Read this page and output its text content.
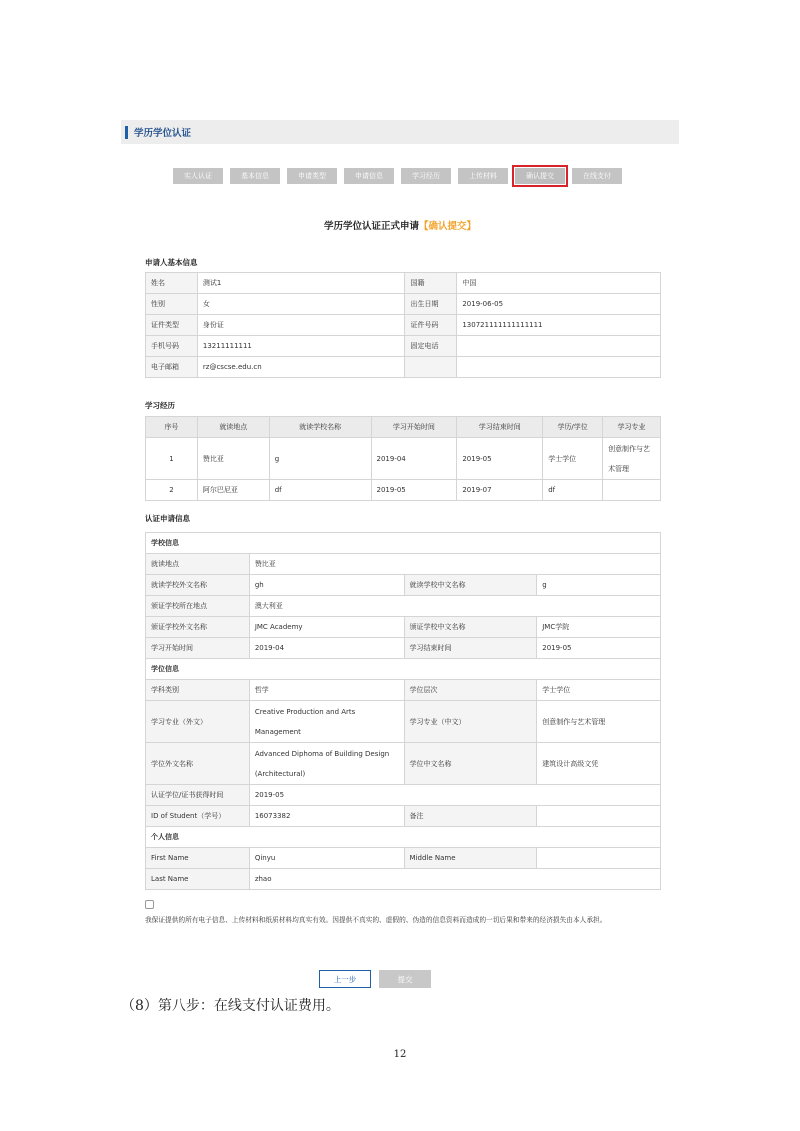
学历学位认证
实人认证	基本信息	申请类型	申请信息	学习经历	上传材料	确认提交	在线支付
学历学位认证正式申请【确认提交】
申请人基本信息
姓名	测试1	国籍	中国
性别	女	出生日期	2019-06-05
证件类型	身份证	证件号码	130721111111111111
手机号码	13211111111	固定电话	
电子邮箱	rz@cscse.edu.cn		
学习经历
序号	就读地点	就读学校名称	学习开始时间	学习结束时间	学历/学位	学习专业
1	赞比亚	g	2019-04	2019-05	学士学位	创意制作与艺术管理
2	阿尔巴尼亚	df	2019-05	2019-07	df	
认证申请信息
学校信息			
就读地点	赞比亚		
就读学校外文名称	gh	就读学校中文名称	g
颁证学校所在地点	澳大利亚		
颁证学校外文名称	JMC Academy	颁证学校中文名称	JMC学院
学习开始时间	2019-04	学习结束时间	2019-05
学位信息			
学科类别	哲学	学位层次	学士学位
学习专业（外文）	Creative Production and Arts Management	学习专业（中文）	创意制作与艺术管理
学位外文名称	Advanced Diphoma of Building Design (Architectural)	学位中文名称	建筑设计高级文凭
认证学位/证书获得时间	2019-05		
ID of Student（学号）	16073382	备注	
个人信息			
First Name	Qinyu	Middle Name	
Last Name	zhao		
我保证提供的所有电子信息、上传材料和纸质材料均真实有效。因提供不真实的、虚假的、伪造的信息资料而造成的一切后果和带来的经济损失由本人承担。
上一步	提交
（8）第八步：在线支付认证费用。
12
